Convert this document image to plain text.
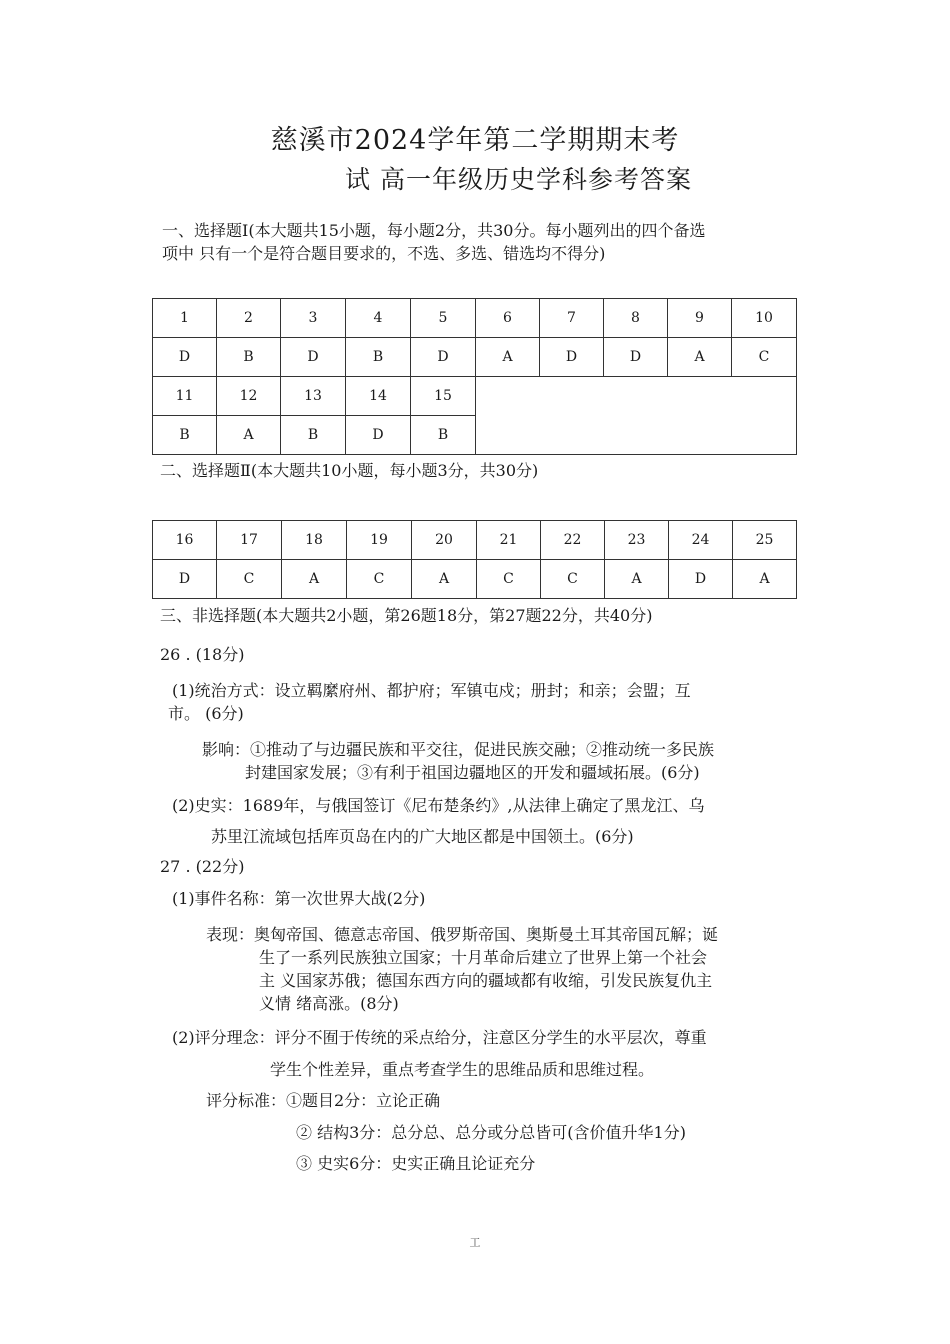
慈溪市2024学年第二学期期末考
试 高一年级历史学科参考答案
一、选择题I(本大题共15小题，每小题2分，共30分。每小题列出的四个备选
项中 只有一个是符合题目要求的，不选、多选、错选均不得分)
1	2	3	4	5	6	7	8	9	10
D	B	D	B	D	A	D	D	A	C
11	12	13	14	15					
B	A	B	D	B					
二、选择题Ⅱ(本大题共10小题，每小题3分，共30分)
16	17	18	19	20	21	22	23	24	25
D	C	A	C	A	C	C	A	D	A
三、非选择题(本大题共2小题，第26题18分，第27题22分，共40分)
26 . (18分)
(1)统治方式：设立羁縻府州、都护府；军镇屯戍；册封；和亲；会盟；互
市。 (6分)
影响：①推动了与边疆民族和平交往，促进民族交融；②推动统一多民族
封建国家发展；③有利于祖国边疆地区的开发和疆域拓展。(6分)
(2)史实：1689年，与俄国签订《尼布楚条约》,从法律上确定了黑龙江、乌
苏里江流域包括库页岛在内的广大地区都是中国领土。(6分)
27 . (22分)
(1)事件名称：第一次世界大战(2分)
表现：奥匈帝国、德意志帝国、俄罗斯帝国、奥斯曼土耳其帝国瓦解；诞
生了一系列民族独立国家；十月革命后建立了世界上第一个社会
主 义国家苏俄；德国东西方向的疆域都有收缩，引发民族复仇主
义情 绪高涨。(8分)
(2)评分理念：评分不囿于传统的采点给分，注意区分学生的水平层次，尊重
学生个性差异，重点考查学生的思维品质和思维过程。
评分标准：①题目2分：立论正确
② 结构3分：总分总、总分或分总皆可(含价值升华1分)
③ 史实6分：史实正确且论证充分
工
